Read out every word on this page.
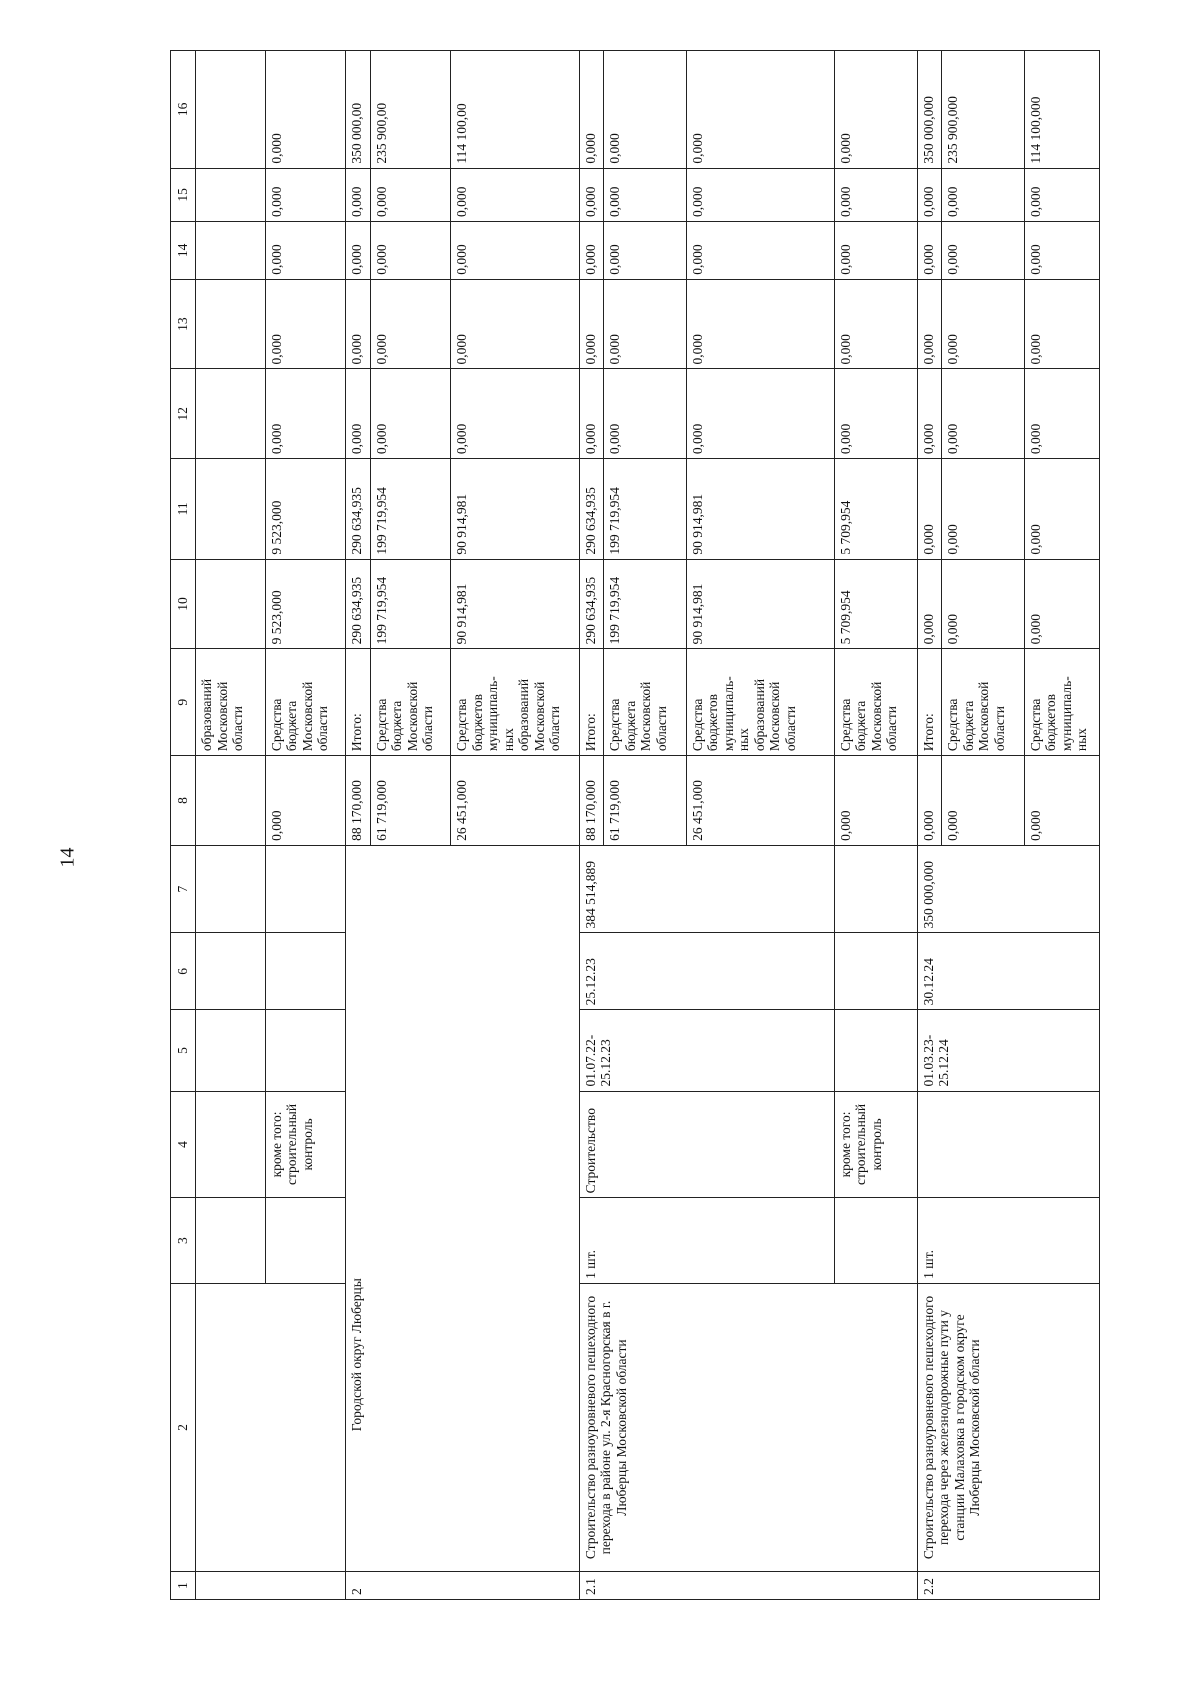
14
1	2	3	4	5	6	7	8	9	10	11	12	13	14	15	16
								образований Московской области							
			кроме того: строительный контроль				0,000	Средства бюджета Московской области	9 523,000	9 523,000	0,000	0,000	0,000	0,000	0,000
2	Городской округ Люберцы						88 170,000	Итого:	290 634,935	290 634,935	0,000	0,000	0,000	0,000	350 000,00
							61 719,000	Средства бюджета Московской области	199 719,954	199 719,954	0,000	0,000	0,000	0,000	235 900,00
							26 451,000	Средства бюджетов муниципаль-ных образований Московской области	90 914,981	90 914,981	0,000	0,000	0,000	0,000	114 100,00
2.1	Строительство разноуровневого пешеходного перехода в районе ул. 2-я Красногорская в г. Люберцы Московской области	1 шт.	Строительство	01.07.22- 25.12.23	25.12.23	384 514,889	88 170,000	Итого:	290 634,935	290 634,935	0,000	0,000	0,000	0,000	0,000
							61 719,000	Средства бюджета Московской области	199 719,954	199 719,954	0,000	0,000	0,000	0,000	0,000
							26 451,000	Средства бюджетов муниципаль-ных образований Московской области	90 914,981	90 914,981	0,000	0,000	0,000	0,000	0,000
			кроме того: строительный контроль				0,000	Средства бюджета Московской области	5 709,954	5 709,954	0,000	0,000	0,000	0,000	0,000
2.2	Строительство разноуровневого пешеходного перехода через железнодорожные пути у станции Малаховка в городском округе Люберцы Московской области	1 шт.		01.03.23- 25.12.24	30.12.24	350 000,000	0,000	Итого:	0,000	0,000	0,000	0,000	0,000	0,000	350 000,000
							0,000	Средства бюджета Московской области	0,000	0,000	0,000	0,000	0,000	0,000	235 900,000
							0,000	Средства бюджетов муниципаль-ных	0,000	0,000	0,000	0,000	0,000	0,000	114 100,000
